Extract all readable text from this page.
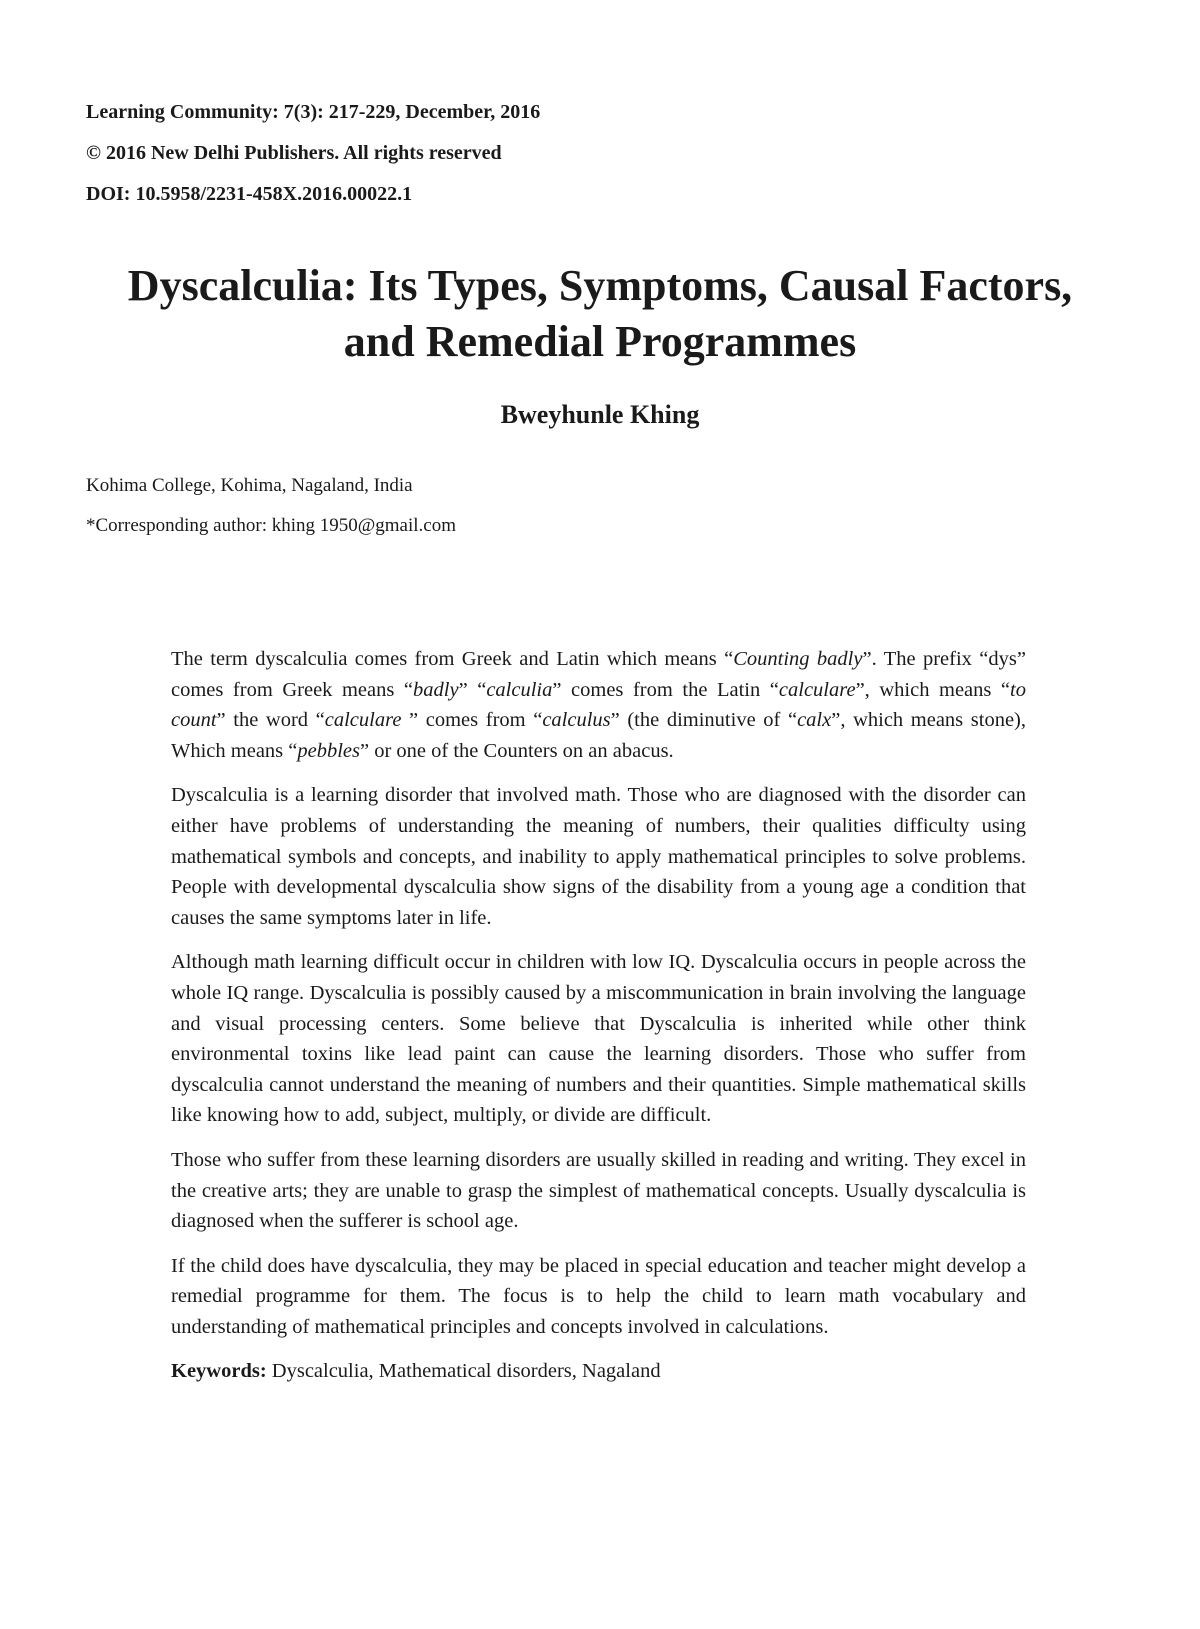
Learning Community: 7(3): 217-229, December, 2016
© 2016 New Delhi Publishers. All rights reserved
DOI: 10.5958/2231-458X.2016.00022.1
Dyscalculia: Its Types, Symptoms, Causal Factors,
and Remedial Programmes
Bweyhunle Khing
Kohima College, Kohima, Nagaland, India
*Corresponding author: khing 1950@gmail.com

The term dyscalculia comes from Greek and Latin which means “Counting badly”. The prefix “dys” comes from Greek means “badly” “calculia” comes from the Latin “calculare”, which means “to count” the word “calculare ” comes from “calculus” (the diminutive of “calx”, which means stone), Which means “pebbles” or one of the Counters on an abacus.

Dyscalculia is a learning disorder that involved math. Those who are diagnosed with the disorder can either have problems of understanding the meaning of numbers, their qualities difficulty using mathematical symbols and concepts, and inability to apply mathematical principles to solve problems. People with developmental dyscalculia show signs of the disability from a young age a condition that causes the same symptoms later in life.

Although math learning difficult occur in children with low IQ. Dyscalculia occurs in people across the whole IQ range. Dyscalculia is possibly caused by a miscommunication in brain involving the language and visual processing centers. Some believe that Dyscalculia is inherited while other think environmental toxins like lead paint can cause the learning disorders. Those who suffer from dyscalculia cannot understand the meaning of numbers and their quantities. Simple mathematical skills like knowing how to add, subject, multiply, or divide are difficult.

Those who suffer from these learning disorders are usually skilled in reading and writing. They excel in the creative arts; they are unable to grasp the simplest of mathematical concepts. Usually dyscalculia is diagnosed when the sufferer is school age.

If the child does have dyscalculia, they may be placed in special education and teacher might develop a remedial programme for them. The focus is to help the child to learn math vocabulary and understanding of mathematical principles and concepts involved in calculations.

Keywords: Dyscalculia, Mathematical disorders, Nagaland
